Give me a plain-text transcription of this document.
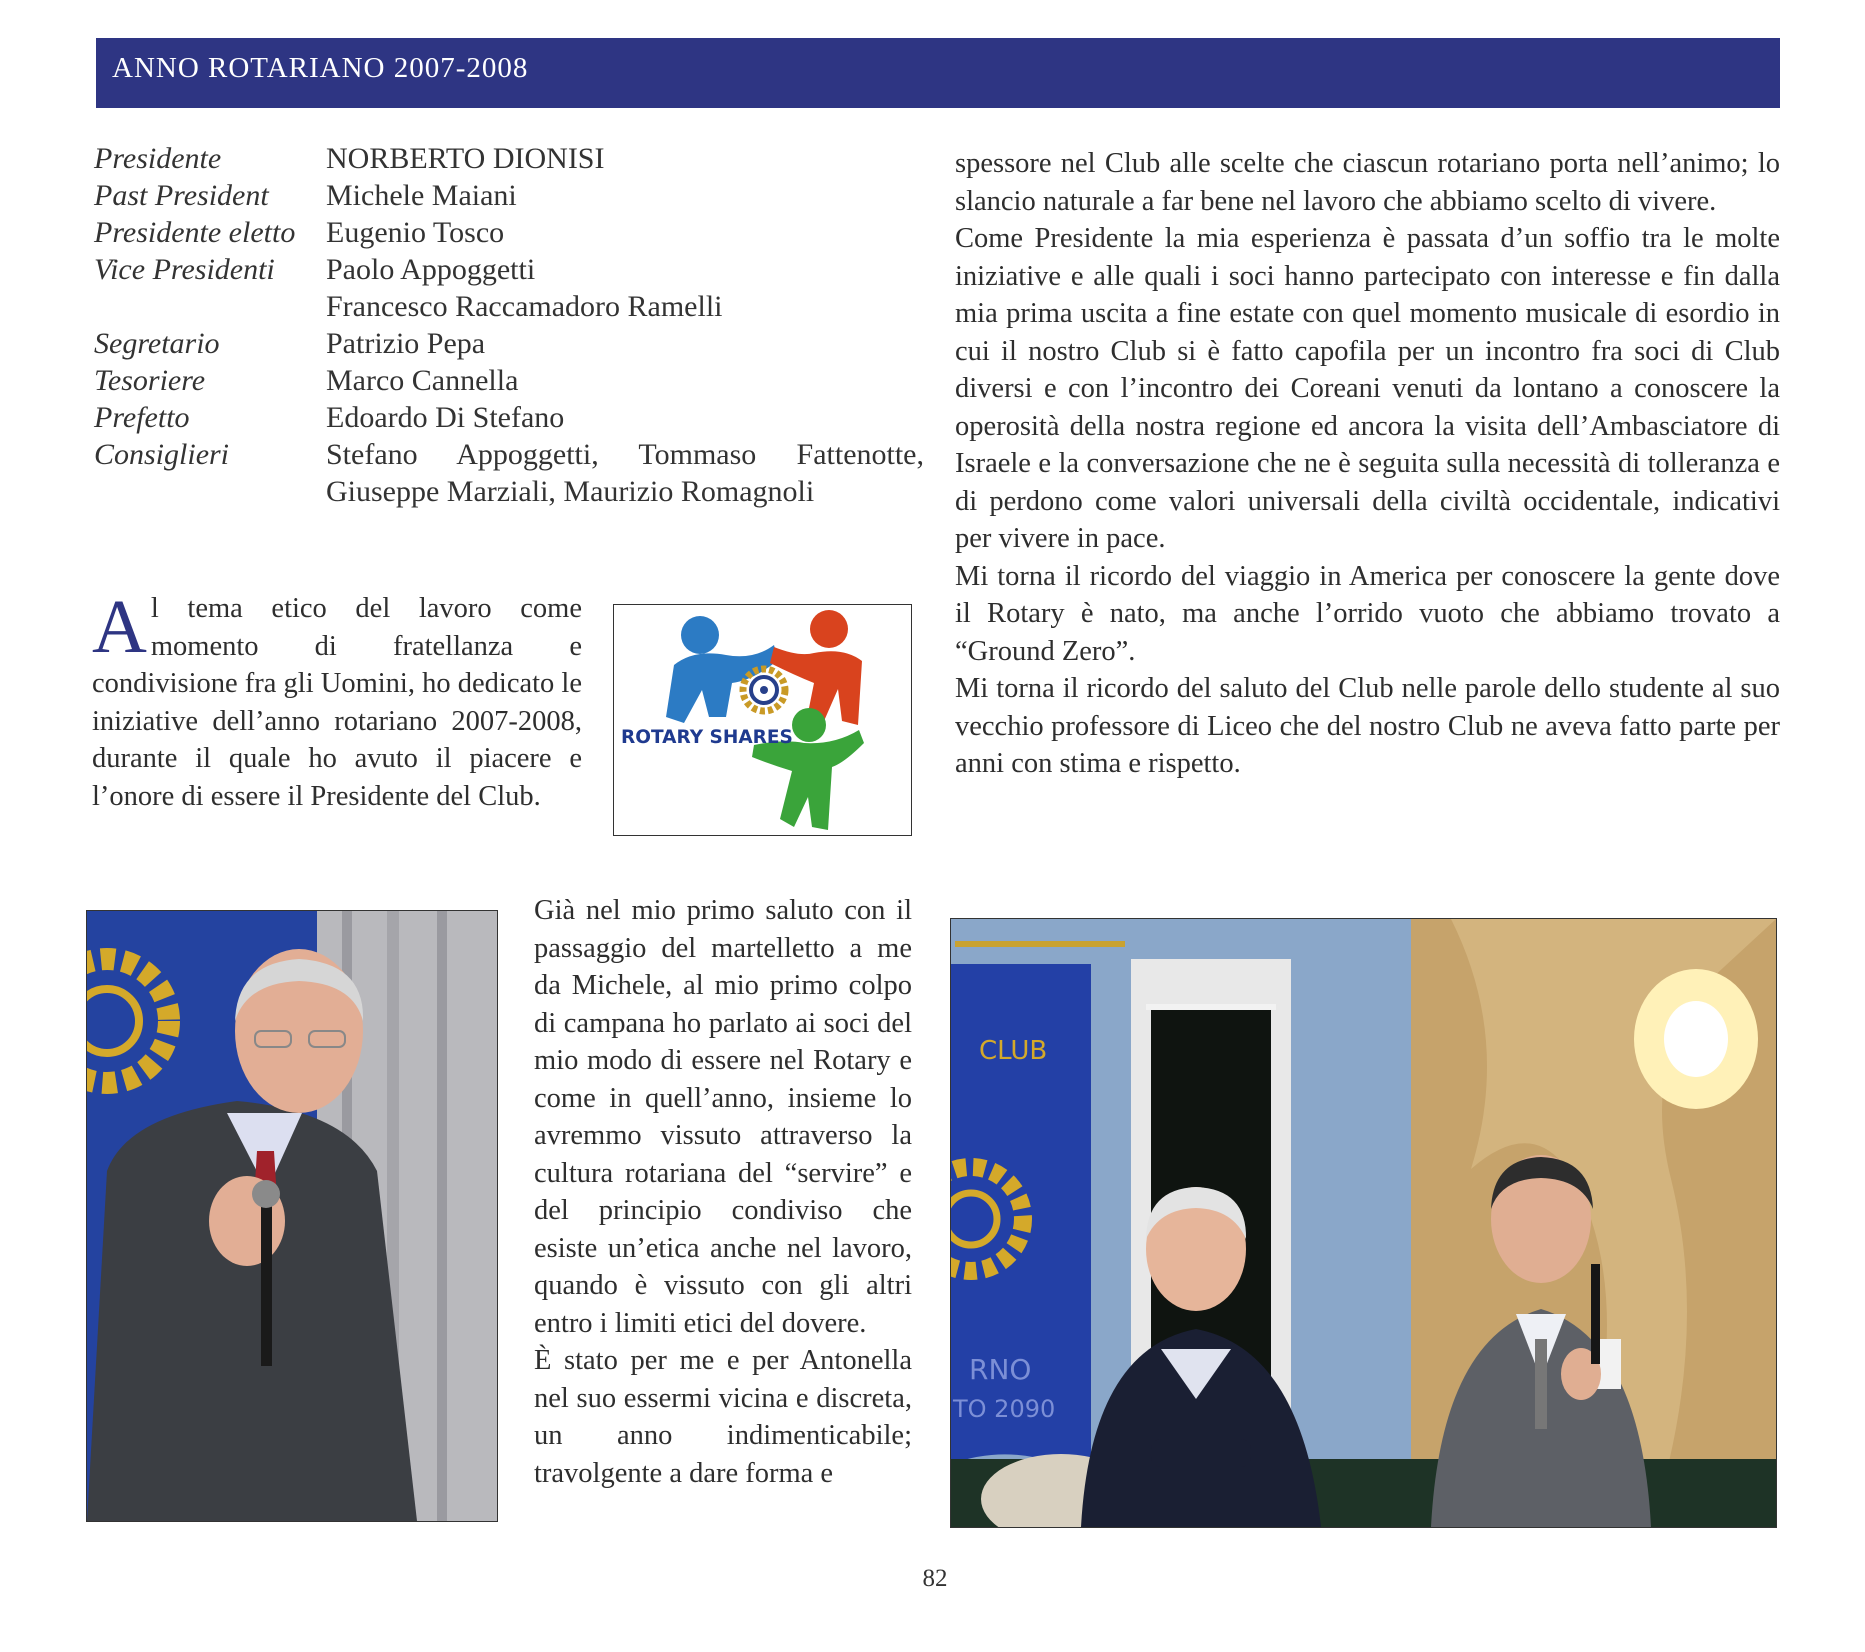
ANNO ROTARIANO 2007-2008
Presidente	NORBERTO DIONISI
Past President	Michele Maiani
Presidente eletto	Eugenio Tosco
Vice Presidenti	Paolo Appoggetti
Francesco Raccamadoro Ramelli
Segretario	Patrizio Pepa
Tesoriere	Marco Cannella
Prefetto	Edoardo Di Stefano
Consiglieri	Stefano Appoggetti, Tommaso Fattenotte,
Giuseppe Marziali, Maurizio Romagnoli
Al tema etico del lavoro come momento di fratellanza e condivisione fra gli Uomini, ho dedicato le iniziative dell’anno rotariano 2007-2008, durante il quale ho avuto il piacere e l’onore di essere il Presidente del Club.
ROTARY SHARES

spessore nel Club alle scelte che ciascun rotariano porta nell’animo; lo slancio naturale a far bene nel lavoro che abbiamo scelto di vivere.

Come Presidente la mia esperienza è passata d’un soffio tra le molte iniziative e alle quali i soci hanno partecipato con interesse e fin dalla mia prima uscita a fine estate con quel momento musicale di esordio in cui il nostro Club si è fatto capofila per un incontro fra soci di Club diversi e con l’incontro dei Coreani venuti da lontano a conoscere la operosità della nostra regione ed ancora la visita dell’Ambasciatore di Israele e la conversazione che ne è seguita sulla necessità di tolleranza e di perdono come valori universali della civiltà occidentale, indicativi per vivere in pace.

Mi torna il ricordo del viaggio in America per conoscere la gente dove il Rotary è nato, ma anche l’orrido vuoto che abbiamo trovato a “Ground Zero”.

Mi torna il ricordo del saluto del Club nelle parole dello studente al suo vecchio professore di Liceo che del nostro Club ne aveva fatto parte per anni con stima e rispetto.

Già nel mio primo saluto con il passaggio del martelletto a me da Michele, al mio primo colpo di campana ho parlato ai soci del mio modo di essere nel Rotary e come in quell’anno, insieme lo avremmo vissuto attraverso la cultura rotariana del “servire” e del principio condiviso che esiste un’etica anche nel lavoro, quando è vissuto con gli altri entro i limiti etici del dovere.

È stato per me e per Antonella nel suo essermi vicina e discreta, un anno indimenticabile; travolgente a dare forma e

CLUB
RNO
TO 2090
82
